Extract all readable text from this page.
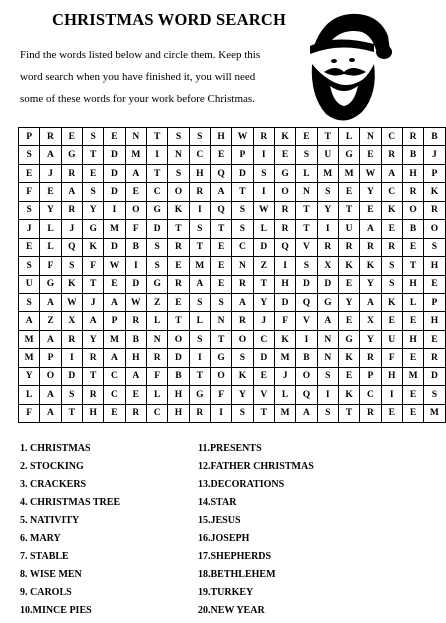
CHRISTMAS WORD SEARCH
Find the words listed below and circle them. Keep this
word search when you have finished it, you will need
some of these words for your work before Christmas.
P	R	E	S	E	N	T	S	S	H	W	R	K	E	T	L	N	C	R	B
S	A	G	T	D	M	I	N	C	E	P	I	E	S	U	G	E	R	B	J
E	J	R	E	D	A	T	S	H	Q	D	S	G	L	M	M	W	A	H	P
F	E	A	S	D	E	C	O	R	A	T	I	O	N	S	E	Y	C	R	K
S	Y	R	Y	I	O	G	K	I	Q	S	W	R	T	Y	T	E	K	O	R
J	L	J	G	M	F	D	T	S	T	S	L	R	T	I	U	A	E	B	O
E	L	Q	K	D	B	S	R	T	E	C	D	Q	V	R	R	R	R	E	S
S	F	S	F	W	I	S	E	M	E	N	Z	I	S	X	K	K	S	T	H
U	G	K	T	E	D	G	R	A	E	R	T	H	D	D	E	Y	S	H	E
S	A	W	J	A	W	Z	E	S	S	A	Y	D	Q	G	Y	A	K	L	P
A	Z	X	A	P	R	L	T	L	N	R	J	F	V	A	E	X	E	E	H
M	A	R	Y	M	B	N	O	S	T	O	C	K	I	N	G	Y	U	H	E
M	P	I	R	A	H	R	D	I	G	S	D	M	B	N	K	R	F	E	R
Y	O	D	T	C	A	F	B	T	O	K	E	J	O	S	E	P	H	M	D
L	A	S	R	C	E	L	H	G	F	Y	V	L	Q	I	K	C	I	E	S
F	A	T	H	E	R	C	H	R	I	S	T	M	A	S	T	R	E	E	M
1. CHRISTMAS
2. STOCKING
3. CRACKERS
4. CHRISTMAS TREE
5. NATIVITY
6. MARY
7. STABLE
8. WISE MEN
9. CAROLS
10.MINCE PIES
11.PRESENTS
12.FATHER CHRISTMAS
13.DECORATIONS
14.STAR
15.JESUS
16.JOSEPH
17.SHEPHERDS
18.BETHLEHEM
19.TURKEY
20.NEW YEAR
